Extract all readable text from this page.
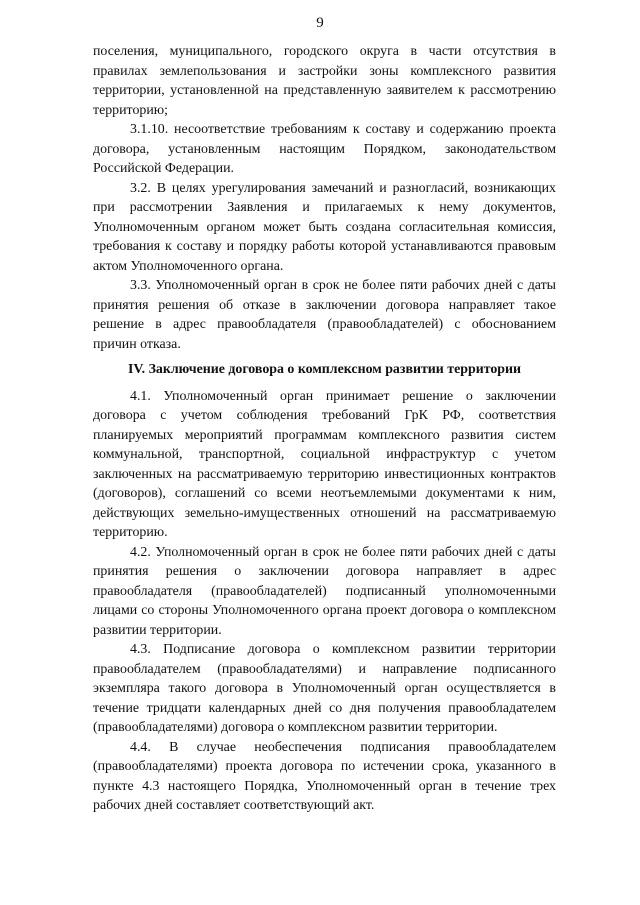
9

поселения, муниципального, городского округа в части отсутствия в правилах землепользования и застройки зоны комплексного развития территории, установленной на представленную заявителем к рассмотрению территорию;

3.1.10. несоответствие требованиям к составу и содержанию проекта договора, установленным настоящим Порядком, законодательством Российской Федерации.

3.2. В целях урегулирования замечаний и разногласий, возникающих при рассмотрении Заявления и прилагаемых к нему документов, Уполномоченным органом может быть создана согласительная комиссия, требования к составу и порядку работы которой устанавливаются правовым актом Уполномоченного органа.

3.3. Уполномоченный орган в срок не более пяти рабочих дней с даты принятия решения об отказе в заключении договора направляет такое решение в адрес правообладателя (правообладателей) с обоснованием причин отказа.

IV. Заключение договора о комплексном развитии территории

4.1. Уполномоченный орган принимает решение о заключении договора с учетом соблюдения требований ГрК РФ, соответствия планируемых мероприятий программам комплексного развития систем коммунальной, транспортной, социальной инфраструктур с учетом заключенных на рассматриваемую территорию инвестиционных контрактов (договоров), соглашений со всеми неотъемлемыми документами к ним, действующих земельно-имущественных отношений на рассматриваемую территорию.

4.2. Уполномоченный орган в срок не более пяти рабочих дней с даты принятия решения о заключении договора направляет в адрес правообладателя (правообладателей) подписанный уполномоченными лицами со стороны Уполномоченного органа проект договора о комплексном развитии территории.

4.3. Подписание договора о комплексном развитии территории правообладателем (правообладателями) и направление подписанного экземпляра такого договора в Уполномоченный орган осуществляется в течение тридцати календарных дней со дня получения правообладателем (правообладателями) договора о комплексном развитии территории.

4.4. В случае необеспечения подписания правообладателем (правообладателями) проекта договора по истечении срока, указанного в пункте 4.3 настоящего Порядка, Уполномоченный орган в течение трех рабочих дней составляет соответствующий акт.
